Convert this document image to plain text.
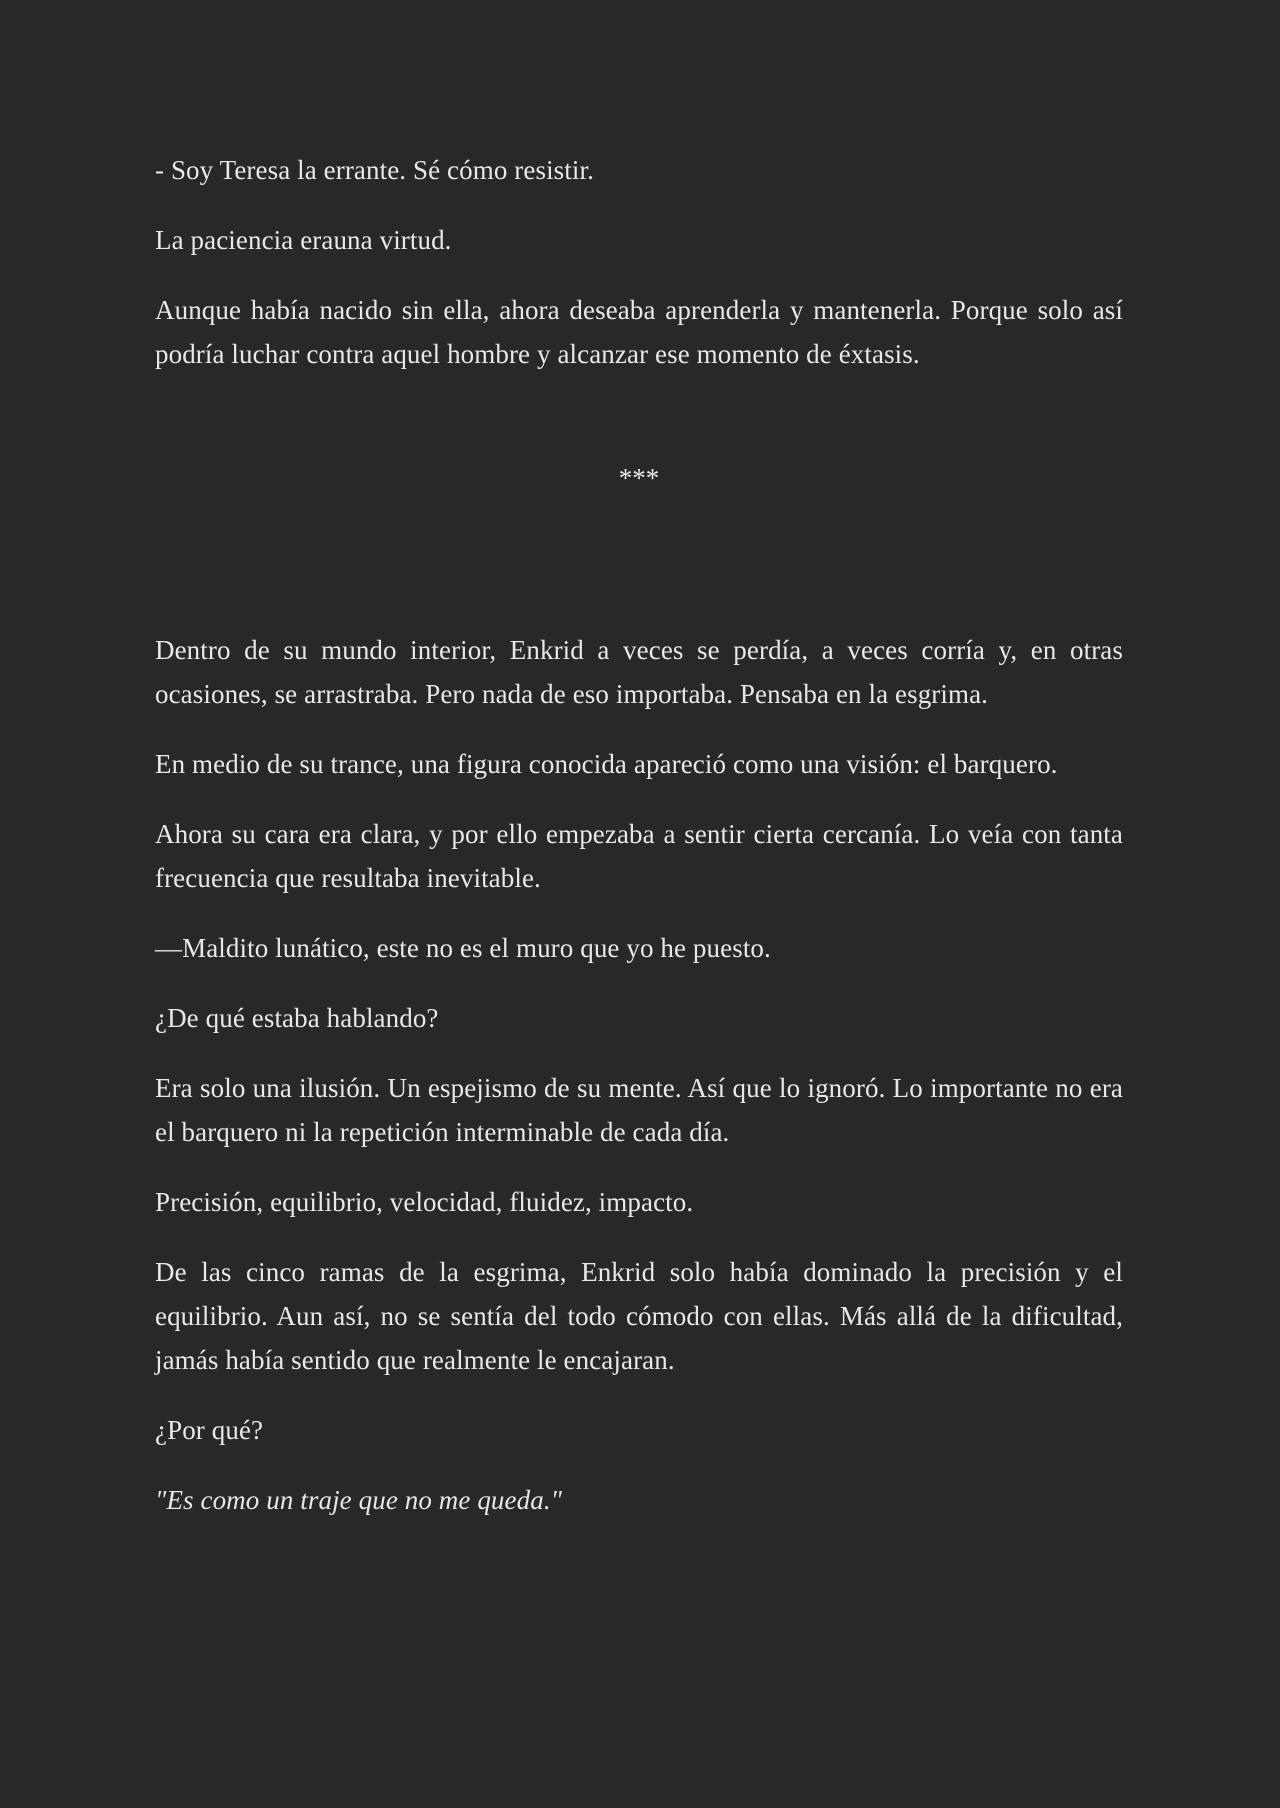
- Soy Teresa la errante. Sé cómo resistir.

La paciencia erauna virtud.

Aunque había nacido sin ella, ahora deseaba aprenderla y mantenerla. Porque solo así podría luchar contra aquel hombre y alcanzar ese momento de éxtasis.

***

Dentro de su mundo interior, Enkrid a veces se perdía, a veces corría y, en otras ocasiones, se arrastraba. Pero nada de eso importaba. Pensaba en la esgrima.

En medio de su trance, una figura conocida apareció como una visión: el barquero.

Ahora su cara era clara, y por ello empezaba a sentir cierta cercanía. Lo veía con tanta frecuencia que resultaba inevitable.

—Maldito lunático, este no es el muro que yo he puesto.

¿De qué estaba hablando?

Era solo una ilusión. Un espejismo de su mente. Así que lo ignoró. Lo importante no era el barquero ni la repetición interminable de cada día.

Precisión, equilibrio, velocidad, fluidez, impacto.

De las cinco ramas de la esgrima, Enkrid solo había dominado la precisión y el equilibrio. Aun así, no se sentía del todo cómodo con ellas. Más allá de la dificultad, jamás había sentido que realmente le encajaran.

¿Por qué?

"Es como un traje que no me queda."
